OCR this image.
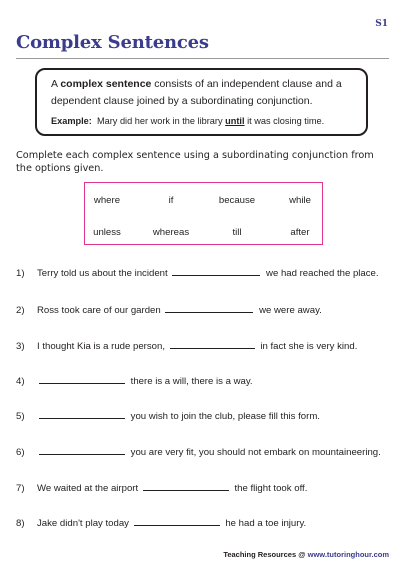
S1
Complex Sentences

A complex sentence consists of an independent clause and a dependent clause joined by a subordinating conjunction.

Example: Mary did her work in the library until it was closing time.

Complete each complex sentence using a subordinating conjunction from the options given.

where	if	because	while
unless	whereas	till	after
1) Terry told us about the incident	we had reached the place.
2) Ross took care of our garden	we were away.
3) I thought Kia is a rude person,	in fact she is very kind.
4)	there is a will, there is a way.
5)	you wish to join the club, please fill this form.
6)	you are very fit, you should not embark on mountaineering.
7) We waited at the airport	the flight took off.
8) Jake didn't play today	he had a toe injury.
Teaching Resources @ www.tutoringhour.com
